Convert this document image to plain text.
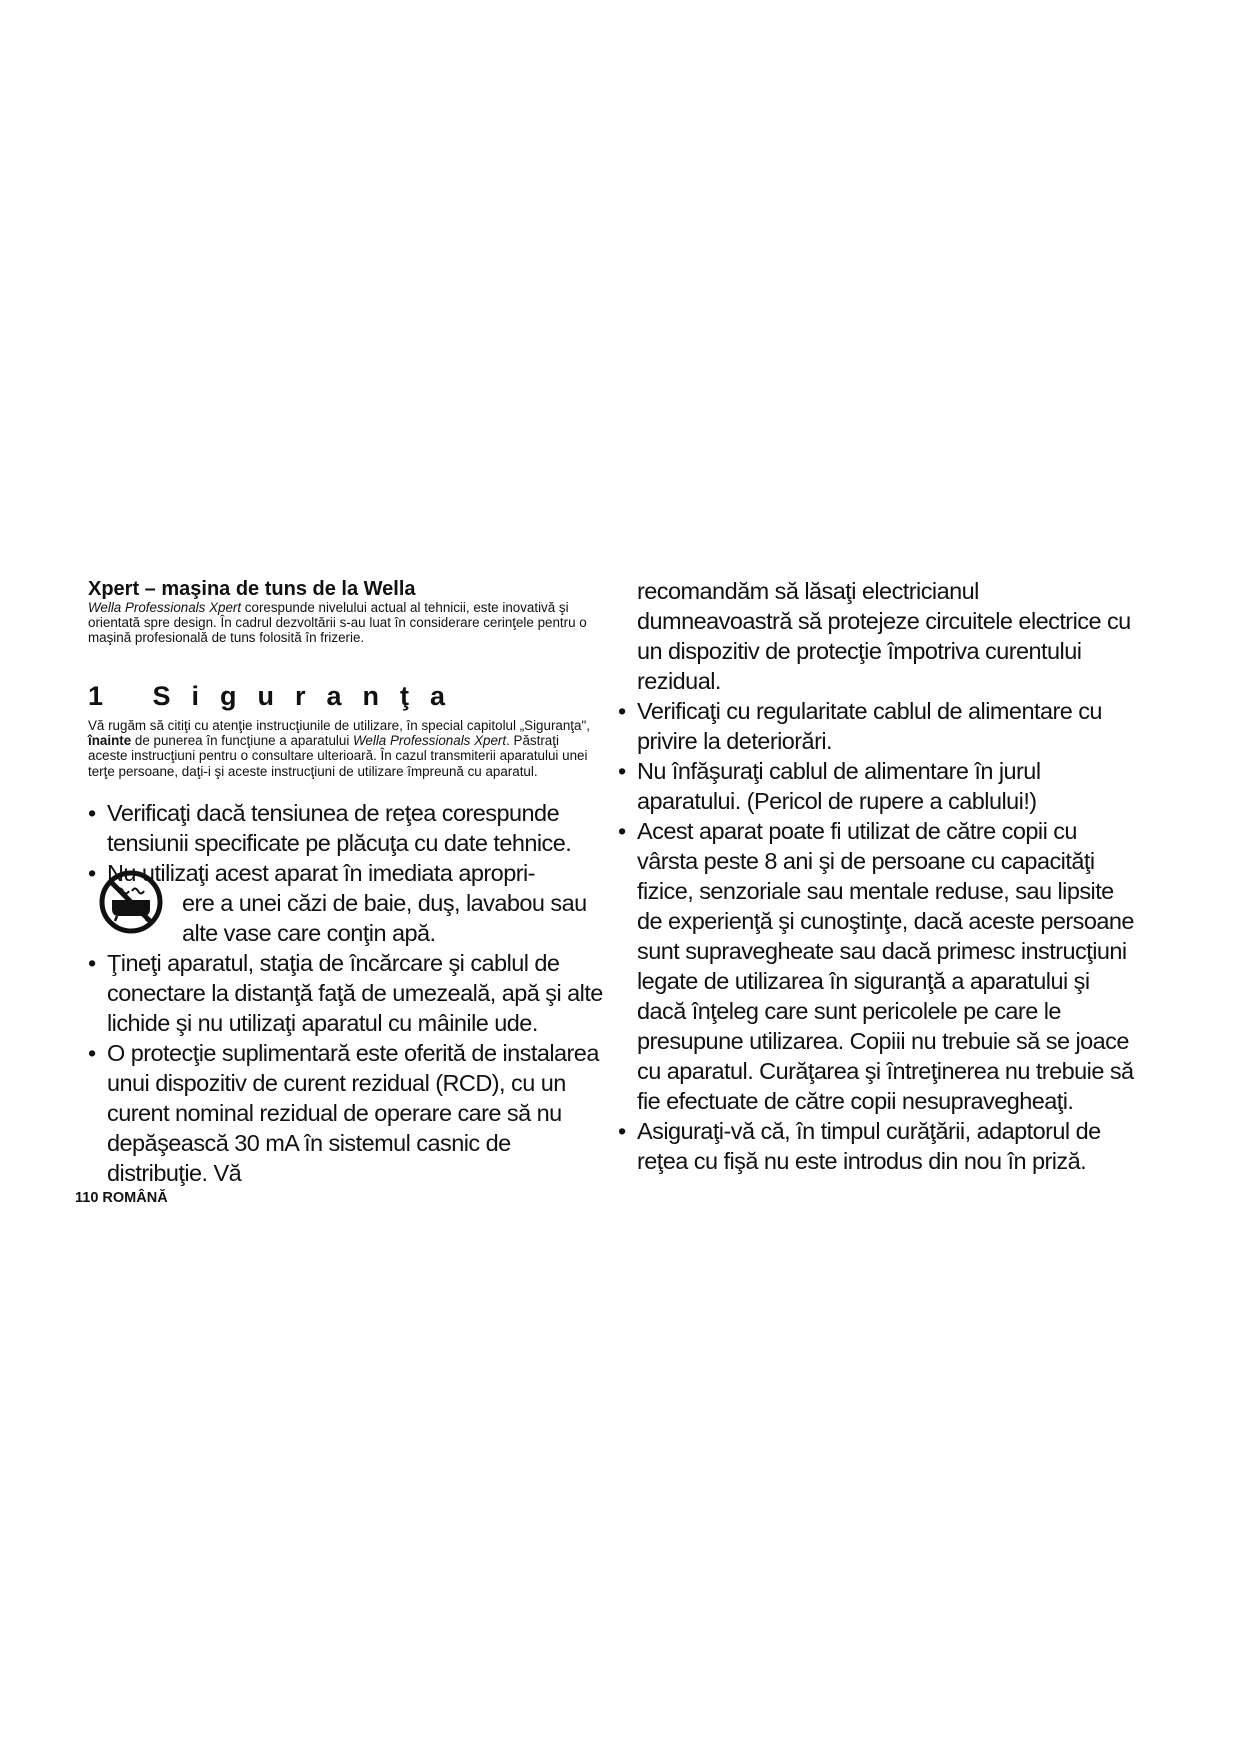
Xpert – maşina de tuns de la Wella

Wella Professionals Xpert corespunde nivelului actual al tehnicii, este inovativă şi orientată spre design. În cadrul dezvoltării s-au luat în considerare cerinţele pentru o maşină profesională de tuns folosită în frizerie.

1 Siguranţa

Vă rugăm să citiţi cu atenţie instrucţiunile de utilizare, în special capitolul „Siguranţa", înainte de punerea în funcţiune a aparatului Wella Professionals Xpert. Păstraţi aceste instrucţiuni pentru o consultare ulterioară. În cazul transmiterii aparatului unei terţe persoane, daţi-i şi aceste instrucţiuni de utilizare împreună cu aparatul.

• Verificaţi dacă tensiunea de reţea corespunde tensiunii specificate pe plăcuţa cu date tehnice.
• Nu utilizaţi acest aparat în imediata apropri-
ere a unei căzi de baie, duş, lavabou sau alte vase care conţin apă.
• Ţineţi aparatul, staţia de încărcare şi cablul de conectare la distanţă faţă de umezeală, apă şi alte lichide şi nu utilizaţi aparatul cu mâinile ude.
• O protecţie suplimentară este oferită de instalarea unui dispozitiv de curent rezidual (RCD), cu un curent nominal rezidual de operare care să nu depăşească 30 mA în sistemul casnic de distribuţie. Vă

recomandăm să lăsaţi electricianul dumneavoastră să protejeze circuitele electrice cu un dispozitiv de protecţie împotriva curentului rezidual.

• Verificaţi cu regularitate cablul de alimentare cu privire la deteriorări.
• Nu înfăşuraţi cablul de alimentare în jurul aparatului. (Pericol de rupere a cablului!)
• Acest aparat poate fi utilizat de către copii cu vârsta peste 8 ani şi de persoane cu capacităţi fizice, senzoriale sau mentale reduse, sau lipsite de experienţă şi cunoştinţe, dacă aceste persoane sunt supravegheate sau dacă primesc instrucţiuni legate de utilizarea în siguranţă a aparatului şi dacă înţeleg care sunt pericolele pe care le presupune utilizarea. Copiii nu trebuie să se joace cu aparatul. Curăţarea şi întreţinerea nu trebuie să fie efectuate de către copii nesupravegheaţi.
• Asiguraţi-vă că, în timpul curăţării, adaptorul de reţea cu fişă nu este introdus din nou în priză.
110 ROMÂNĂ
